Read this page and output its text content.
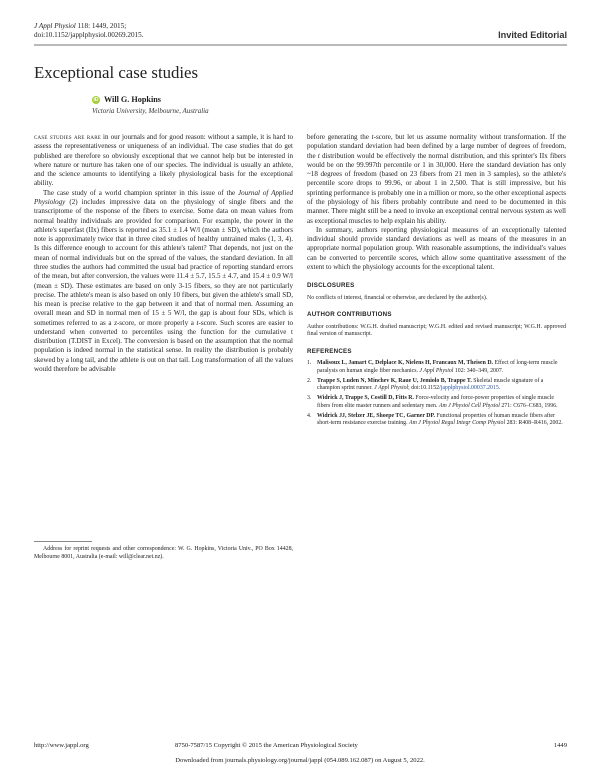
J Appl Physiol 118: 1449, 2015;
doi:10.1152/japplphysiol.00269.2015.	Invited Editorial
Exceptional case studies
iD Will G. Hopkins
Victoria University, Melbourne, Australia

case studies are rare in our journals and for good reason: without a sample, it is hard to assess the representativeness or uniqueness of an individual. The case studies that do get published are therefore so obviously exceptional that we cannot help but be interested in where nature or nurture has taken one of our species. The individual is usually an athlete, and the science amounts to identifying a likely physiological basis for the exceptional ability.

The case study of a world champion sprinter in this issue of the Journal of Applied Physiology (2) includes impressive data on the physiology of single fibers and the transcriptome of the response of the fibers to exercise. Some data on mean values from normal healthy individuals are provided for comparison. For example, the power in the athlete's superfast (IIx) fibers is reported as 35.1 ± 1.4 W/l (mean ± SD), which the authors note is approximately twice that in three cited studies of healthy untrained males (1, 3, 4). Is this difference enough to account for this athlete's talent? That depends, not just on the mean of normal individuals but on the spread of the values, the standard deviation. In all three studies the authors had committed the usual bad practice of reporting standard errors of the mean, but after conversion, the values were 11.4 ± 5.7, 15.5 ± 4.7, and 15.4 ± 0.9 W/l (mean ± SD). These estimates are based on only 3-15 fibers, so they are not particularly precise. The athlete's mean is also based on only 10 fibers, but given the athlete's small SD, his mean is precise relative to the gap between it and that of normal men. Assuming an overall mean and SD in normal men of 15 ± 5 W/l, the gap is about four SDs, which is sometimes referred to as a z-score, or more properly a t-score. Such scores are easier to understand when converted to percentiles using the function for the cumulative t distribution (T.DIST in Excel). The conversion is based on the assumption that the normal population is indeed normal in the statistical sense. In reality the distribution is probably skewed by a long tail, and the athlete is out on that tail. Log transformation of all the values would therefore be advisable

Address for reprint requests and other correspondence: W. G. Hopkins, Victoria Univ., PO Box 14428, Melbourne 8001, Australia (e-mail: will@clear.net.nz).

before generating the t-score, but let us assume normality without transformation. If the population standard deviation had been defined by a large number of degrees of freedom, the t distribution would be effectively the normal distribution, and this sprinter's IIx fibers would be on the 99.997th percentile or 1 in 30,000. Here the standard deviation has only ~18 degrees of freedom (based on 23 fibers from 21 men in 3 samples), so the athlete's percentile score drops to 99.96, or about 1 in 2,500. That is still impressive, but his sprinting performance is probably one in a million or more, so the other exceptional aspects of the physiology of his fibers probably contribute and need to be documented in this manner. There might still be a need to invoke an exceptional central nervous system as well as exceptional muscles to help explain his ability.

In summary, authors reporting physiological measures of an exceptionally talented individual should provide standard deviations as well as means of the measures in an appropriate normal population group. With reasonable assumptions, the individual's values can be converted to percentile scores, which allow some quantitative assessment of the extent to which the physiology accounts for the exceptional talent.

DISCLOSURES

No conflicts of interest, financial or otherwise, are declared by the author(s).

AUTHOR CONTRIBUTIONS

Author contributions: W.G.H. drafted manuscript; W.G.H. edited and revised manuscript; W.G.H. approved final version of manuscript.

REFERENCES
1. Malisoux L, Jamart C, Delplace K, Nielens H, Francaux M, Theisen D. Effect of long-term muscle paralysis on human single fiber mechanics. J Appl Physiol 102: 340–349, 2007.
2. Trappe S, Luden N, Minchev K, Raue U, Jemiolo B, Trappe T. Skeletal muscle signature of a champion sprint runner. J Appl Physiol; doi:10.1152/japplphysiol.00037.2015.
3. Widrick J, Trappe S, Costill D, Fitts R. Force-velocity and force-power properties of single muscle fibers from elite master runners and sedentary men. Am J Physiol Cell Physiol 271: C676–C683, 1996.
4. Widrick JJ, Stelzer JE, Shoepe TC, Garner DP. Functional properties of human muscle fibers after short-term resistance exercise training. Am J Physiol Regul Integr Comp Physiol 283: R408–R416, 2002.
http://www.jappl.org	8750-7587/15 Copyright © 2015 the American Physiological Society	1449
Downloaded from journals.physiology.org/journal/jappl (054.089.162.087) on August 5, 2022.
